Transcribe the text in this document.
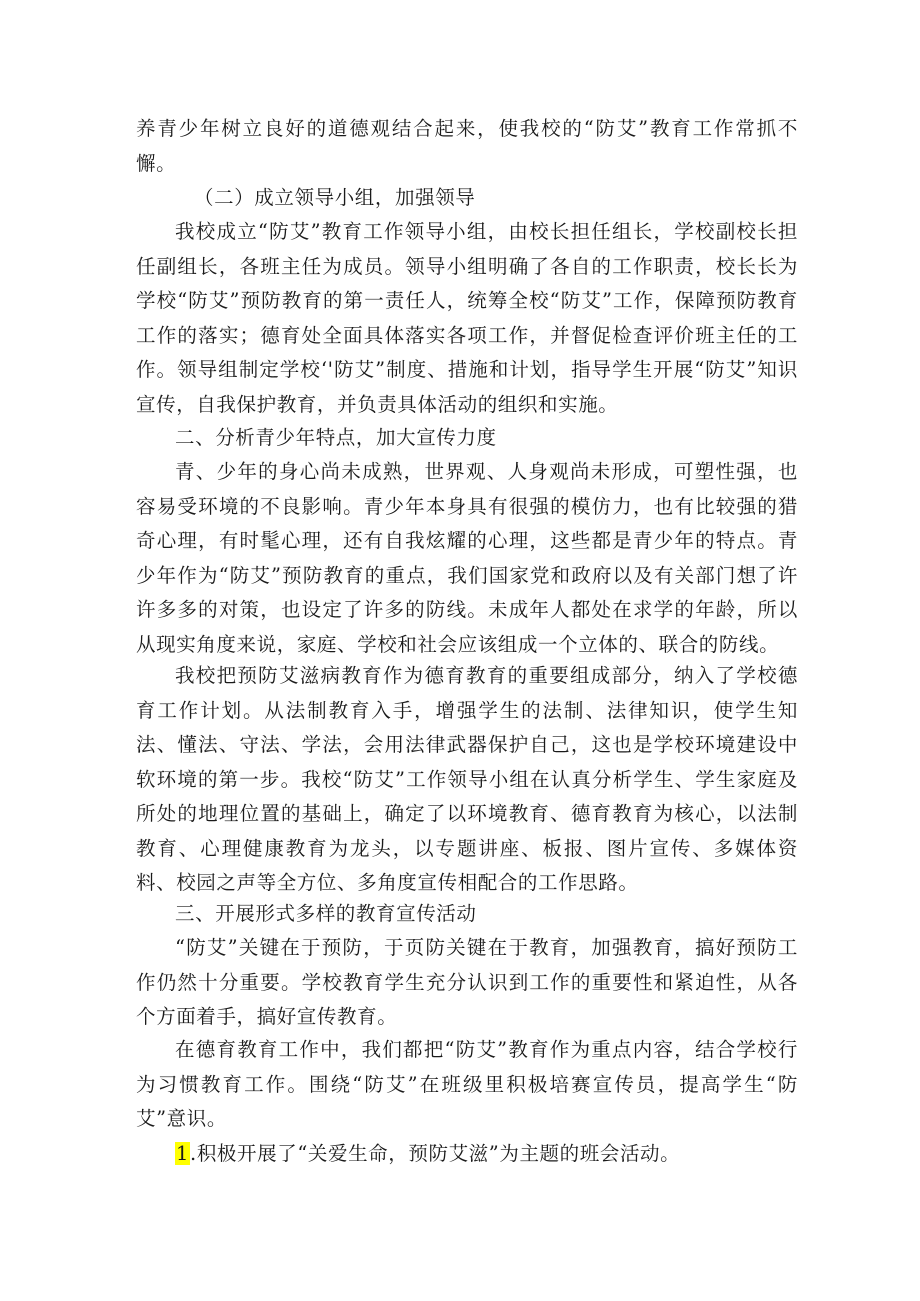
养青少年树立良好的道德观结合起来，使我校的“防艾”教育工作常抓不懈。

（二）成立领导小组，加强领导

我校成立“防艾”教育工作领导小组，由校长担任组长，学校副校长担任副组长，各班主任为成员。领导小组明确了各自的工作职责，校长长为学校“防艾”预防教育的第一责任人，统筹全校“防艾”工作，保障预防教育工作的落实；德育处全面具体落实各项工作，并督促检查评价班主任的工作。领导组制定学校‘'防艾”制度、措施和计划，指导学生开展“防艾”知识宣传，自我保护教育，并负责具体活动的组织和实施。

二、分析青少年特点，加大宣传力度

青、少年的身心尚未成熟，世界观、人身观尚未形成，可塑性强，也容易受环境的不良影响。青少年本身具有很强的模仿力，也有比较强的猎奇心理，有时髦心理，还有自我炫耀的心理，这些都是青少年的特点。青少年作为“防艾”预防教育的重点，我们国家党和政府以及有关部门想了许许多多的对策，也设定了许多的防线。未成年人都处在求学的年龄，所以从现实角度来说，家庭、学校和社会应该组成一个立体的、联合的防线。

我校把预防艾滋病教育作为德育教育的重要组成部分，纳入了学校德育工作计划。从法制教育入手，增强学生的法制、法律知识，使学生知法、懂法、守法、学法，会用法律武器保护自己，这也是学校环境建设中软环境的第一步。我校“防艾”工作领导小组在认真分析学生、学生家庭及所处的地理位置的基础上，确定了以环境教育、德育教育为核心，以法制教育、心理健康教育为龙头，以专题讲座、板报、图片宣传、多媒体资料、校园之声等全方位、多角度宣传相配合的工作思路。

三、开展形式多样的教育宣传活动

“防艾”关键在于预防，于页防关键在于教育，加强教育，搞好预防工作仍然十分重要。学校教育学生充分认识到工作的重要性和紧迫性，从各个方面着手，搞好宣传教育。

在德育教育工作中，我们都把“防艾”教育作为重点内容，结合学校行为习惯教育工作。围绕“防艾”在班级里积极培赛宣传员，提高学生“防艾”意识。

1.积极开展了“关爱生命，预防艾滋”为主题的班会活动。
